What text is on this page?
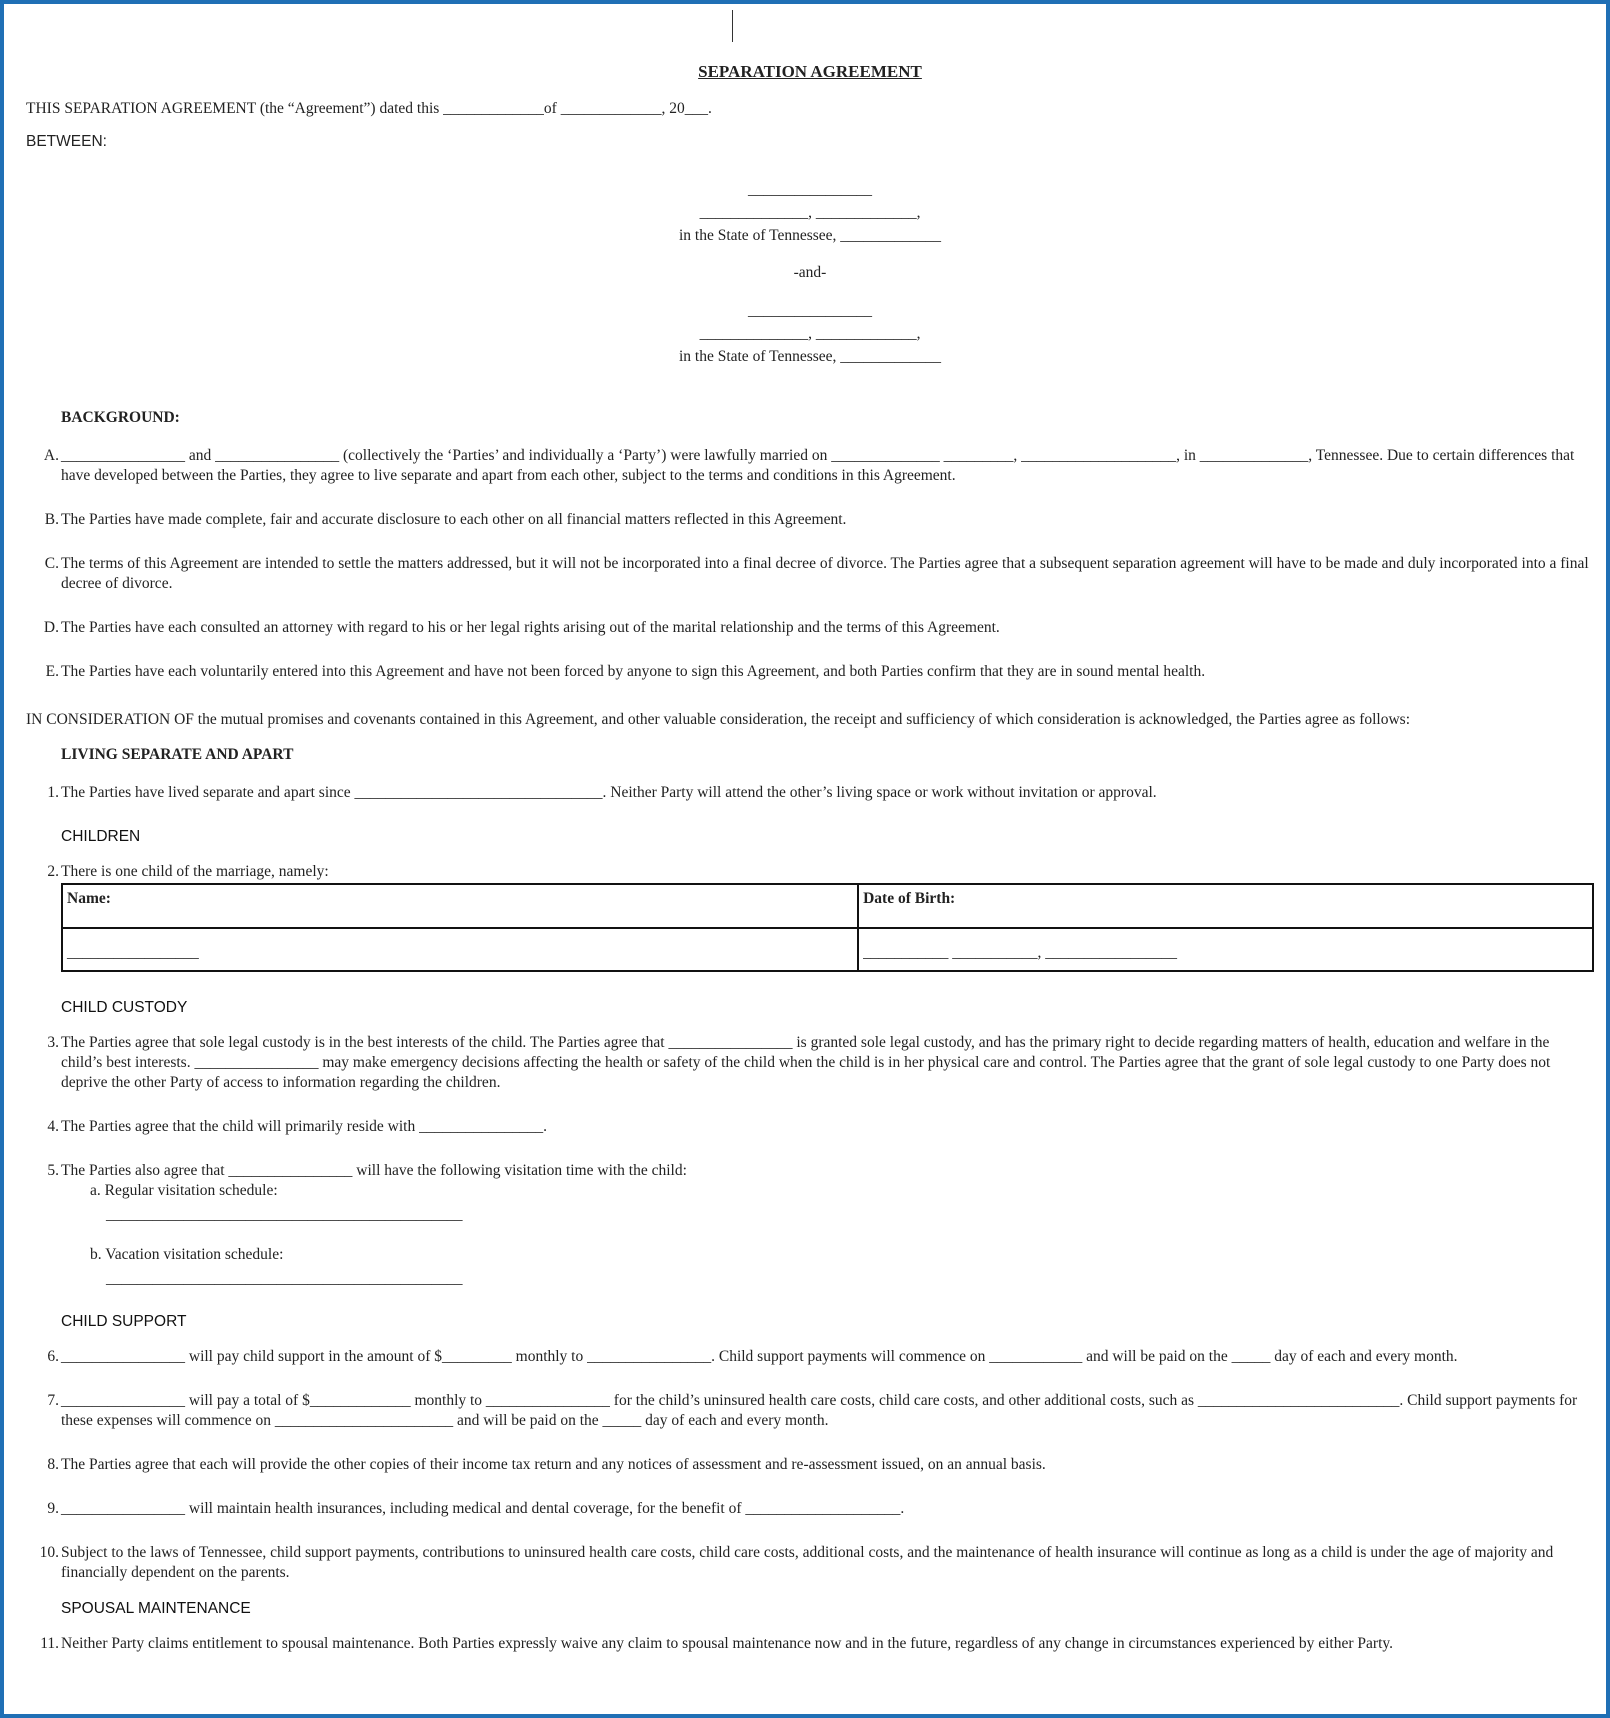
SEPARATION AGREEMENT
THIS SEPARATION AGREEMENT (the “Agreement”) dated this _____________of _____________, 20___.
BETWEEN:
________________
______________, _____________,
in the State of Tennessee, _____________
-and-
________________
______________, _____________,
in the State of Tennessee, _____________
BACKGROUND:
A. ________________ and ________________ (collectively the ‘Parties’ and individually a ‘Party’) were lawfully married on ______________ _________, ____________________, in ______________, Tennessee. Due to certain differences that have developed between the Parties, they agree to live separate and apart from each other, subject to the terms and conditions in this Agreement.
B. The Parties have made complete, fair and accurate disclosure to each other on all financial matters reflected in this Agreement.
C. The terms of this Agreement are intended to settle the matters addressed, but it will not be incorporated into a final decree of divorce. The Parties agree that a subsequent separation agreement will have to be made and duly incorporated into a final decree of divorce.
D. The Parties have each consulted an attorney with regard to his or her legal rights arising out of the marital relationship and the terms of this Agreement.
E. The Parties have each voluntarily entered into this Agreement and have not been forced by anyone to sign this Agreement, and both Parties confirm that they are in sound mental health.
IN CONSIDERATION OF the mutual promises and covenants contained in this Agreement, and other valuable consideration, the receipt and sufficiency of which consideration is acknowledged, the Parties agree as follows:
LIVING SEPARATE AND APART
1. The Parties have lived separate and apart since ________________________________. Neither Party will attend the other’s living space or work without invitation or approval.
CHILDREN
2. There is one child of the marriage, namely:
Name:	Date of Birth:
_________________	___________ ___________, _________________
CHILD CUSTODY
3. The Parties agree that sole legal custody is in the best interests of the child. The Parties agree that ________________ is granted sole legal custody, and has the primary right to decide regarding matters of health, education and welfare in the child’s best interests. ________________ may make emergency decisions affecting the health or safety of the child when the child is in her physical care and control. The Parties agree that the grant of sole legal custody to one Party does not deprive the other Party of access to information regarding the children.
4. The Parties agree that the child will primarily reside with ________________.
5. The Parties also agree that ________________ will have the following visitation time with the child:
a. Regular visitation schedule:
______________________________________________
b. Vacation visitation schedule:
______________________________________________
CHILD SUPPORT
6. ________________ will pay child support in the amount of $_________ monthly to ________________. Child support payments will commence on ____________ and will be paid on the _____ day of each and every month.
7. ________________ will pay a total of $_____________ monthly to ________________ for the child’s uninsured health care costs, child care costs, and other additional costs, such as __________________________. Child support payments for these expenses will commence on _______________________ and will be paid on the _____ day of each and every month.
8. The Parties agree that each will provide the other copies of their income tax return and any notices of assessment and re-assessment issued, on an annual basis.
9. ________________ will maintain health insurances, including medical and dental coverage, for the benefit of ____________________.
10. Subject to the laws of Tennessee, child support payments, contributions to uninsured health care costs, child care costs, additional costs, and the maintenance of health insurance will continue as long as a child is under the age of majority and financially dependent on the parents.
SPOUSAL MAINTENANCE
11. Neither Party claims entitlement to spousal maintenance. Both Parties expressly waive any claim to spousal maintenance now and in the future, regardless of any change in circumstances experienced by either Party.
